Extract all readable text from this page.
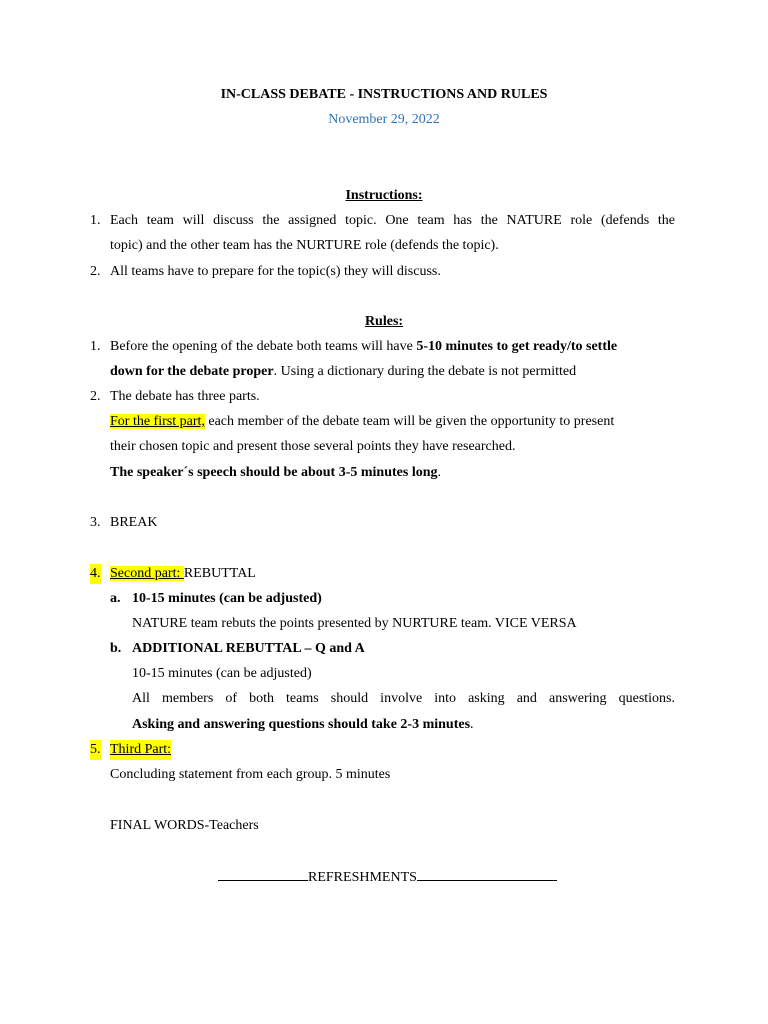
IN-CLASS DEBATE - INSTRUCTIONS AND RULES
November 29, 2022
Instructions:
1. Each team will discuss the assigned topic. One team has the NATURE role (defends the
topic) and the other team has the NURTURE role (defends the topic).
2. All teams have to prepare for the topic(s) they will discuss.
Rules:
1. Before the opening of the debate both teams will have 5-10 minutes to get ready/to settle
down for the debate proper. Using a dictionary during the debate is not permitted
2. The debate has three parts.
For the first part, each member of the debate team will be given the opportunity to present
their chosen topic and present those several points they have researched.
The speaker´s speech should be about 3-5 minutes long.
3. BREAK
4. Second part: REBUTTAL
a. 10-15 minutes (can be adjusted)
NATURE team rebuts the points presented by NURTURE team. VICE VERSA
b. ADDITIONAL REBUTTAL – Q and A
10-15 minutes (can be adjusted)
All members of both teams should involve into asking and answering questions.
Asking and answering questions should take 2-3 minutes.
5. Third Part:
Concluding statement from each group. 5 minutes
FINAL WORDS-Teachers
REFRESHMENTS
